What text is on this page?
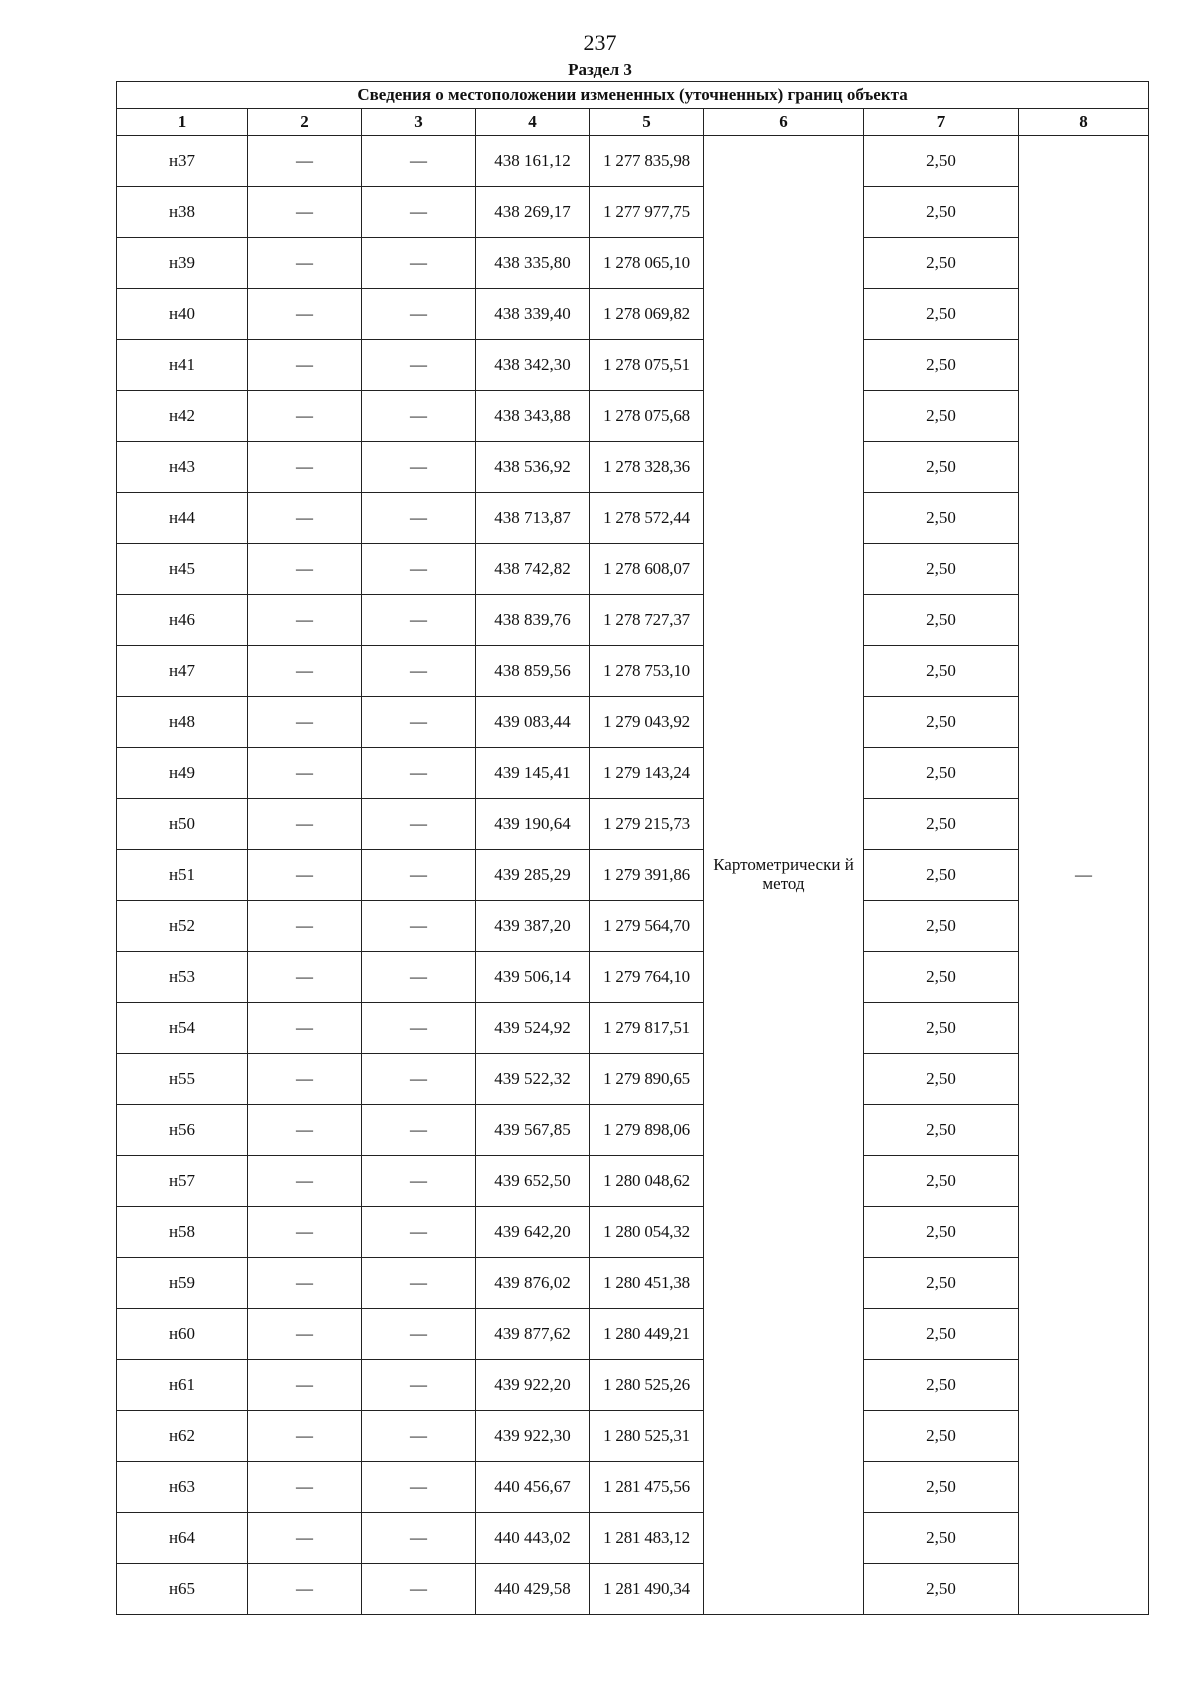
237
Раздел 3
Сведения о местоположении измененных (уточненных) границ объекта							
1	2	3	4	5	6	7	8
н37	—	—	438 161,12	1 277 835,98	Картометрически й метод	2,50	—
н38	—	—	438 269,17	1 277 977,75		2,50	
н39	—	—	438 335,80	1 278 065,10		2,50	
н40	—	—	438 339,40	1 278 069,82		2,50	
н41	—	—	438 342,30	1 278 075,51		2,50	
н42	—	—	438 343,88	1 278 075,68		2,50	
н43	—	—	438 536,92	1 278 328,36		2,50	
н44	—	—	438 713,87	1 278 572,44		2,50	
н45	—	—	438 742,82	1 278 608,07		2,50	
н46	—	—	438 839,76	1 278 727,37		2,50	
н47	—	—	438 859,56	1 278 753,10		2,50	
н48	—	—	439 083,44	1 279 043,92		2,50	
н49	—	—	439 145,41	1 279 143,24		2,50	
н50	—	—	439 190,64	1 279 215,73		2,50	
н51	—	—	439 285,29	1 279 391,86		2,50	
н52	—	—	439 387,20	1 279 564,70		2,50	
н53	—	—	439 506,14	1 279 764,10		2,50	
н54	—	—	439 524,92	1 279 817,51		2,50	
н55	—	—	439 522,32	1 279 890,65		2,50	
н56	—	—	439 567,85	1 279 898,06		2,50	
н57	—	—	439 652,50	1 280 048,62		2,50	
н58	—	—	439 642,20	1 280 054,32		2,50	
н59	—	—	439 876,02	1 280 451,38		2,50	
н60	—	—	439 877,62	1 280 449,21		2,50	
н61	—	—	439 922,20	1 280 525,26		2,50	
н62	—	—	439 922,30	1 280 525,31		2,50	
н63	—	—	440 456,67	1 281 475,56		2,50	
н64	—	—	440 443,02	1 281 483,12		2,50	
н65	—	—	440 429,58	1 281 490,34		2,50	
